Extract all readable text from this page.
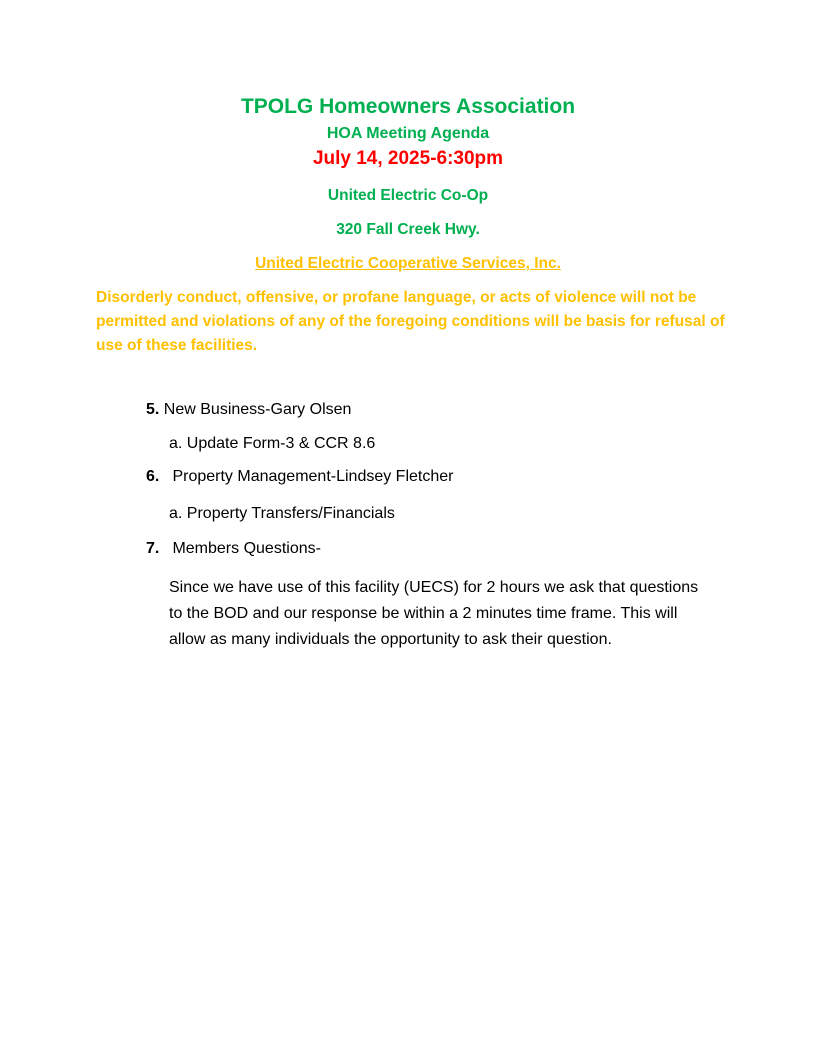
TPOLG Homeowners Association
HOA Meeting Agenda
July 14, 2025-6:30pm
United Electric Co-Op
320 Fall Creek Hwy.
United Electric Cooperative Services, Inc.
Disorderly conduct, offensive, or profane language, or acts of violence will not be permitted and violations of any of the foregoing conditions will be basis for refusal of use of these facilities.
5. New Business-Gary Olsen
a. Update Form-3 & CCR 8.6
6. Property Management-Lindsey Fletcher
a. Property Transfers/Financials
7. Members Questions-
Since we have use of this facility (UECS) for 2 hours we ask that questions to the BOD and our response be within a 2 minutes time frame. This will allow as many individuals the opportunity to ask their question.
